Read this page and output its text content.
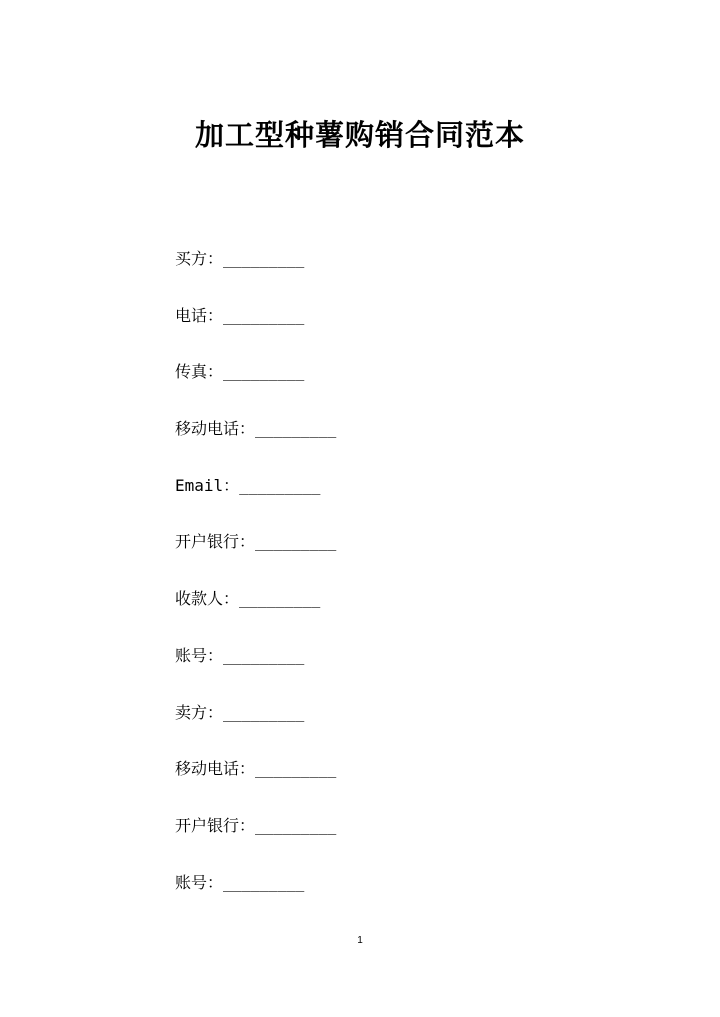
加工型种薯购销合同范本
买方：_________
电话：_________
传真：_________
移动电话：_________
Email：_________
开户银行：_________
收款人：_________
账号：_________
卖方：_________
移动电话：_________
开户银行：_________
账号：_________
1
